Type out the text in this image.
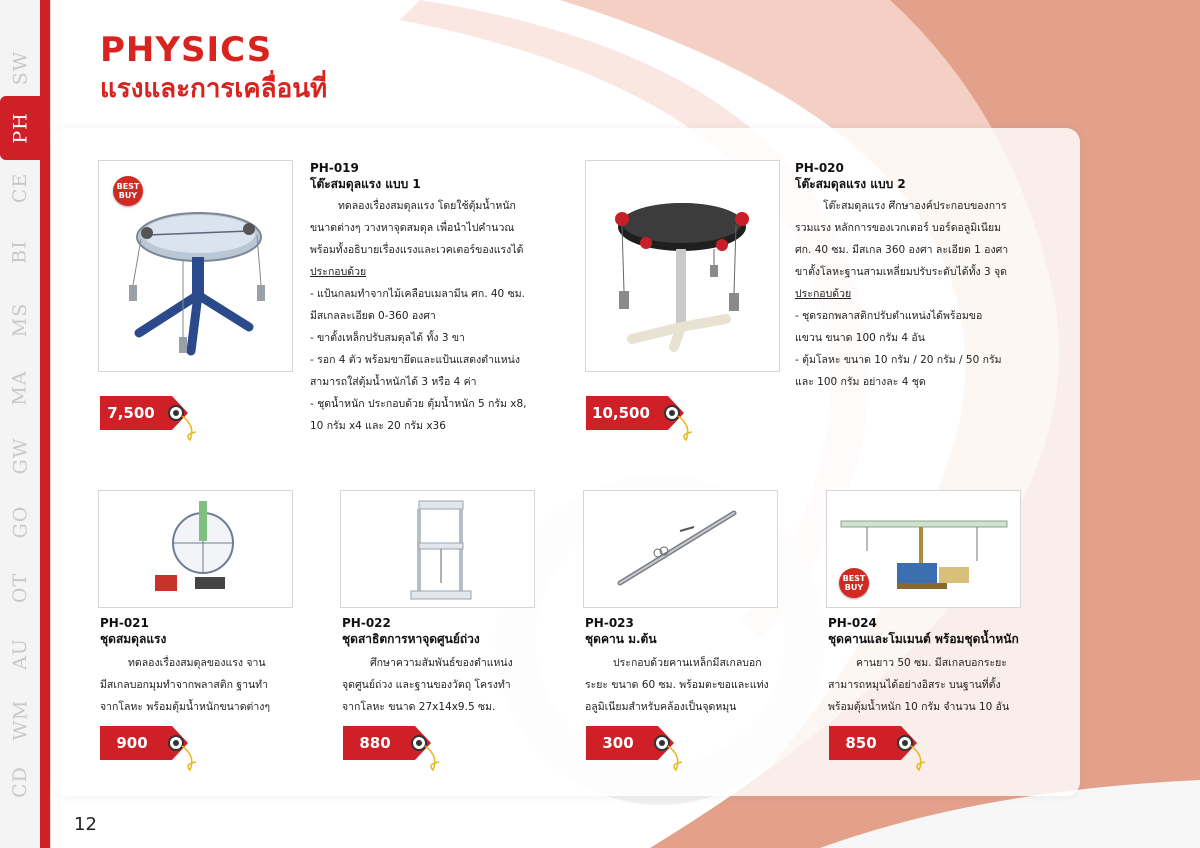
SW
PH
CE
BI
MS
MA
GW
GO
OT
AU
WM
CD
PHYSICS
แรงและการเคลื่อนที่
BEST BUY
PH-019
โต๊ะสมดุลแรง แบบ 1

ทดลองเรื่องสมดุลแรง โดยใช้ตุ้มน้ำหนัก

ขนาดต่างๆ วางหาจุดสมดุล เพื่อนำไปคำนวณ

พร้อมทั้งอธิบายเรื่องแรงและเวคเตอร์ของแรงได้

ประกอบด้วย

- แป้นกลมทำจากไม้เคลือบเมลามีน ศก. 40 ซม.

มีสเกลละเอียด 0-360 องศา

- ขาตั้งเหล็กปรับสมดุลได้ ทั้ง 3 ขา

- รอก 4 ตัว พร้อมขายึดและแป้นแสดงตำแหน่ง

สามารถใส่ตุ้มน้ำหนักได้ 3 หรือ 4 ค่า

- ชุดน้ำหนัก ประกอบด้วย ตุ้มน้ำหนัก 5 กรัม x8,

10 กรัม x4 และ 20 กรัม x36

7,500
PH-020
โต๊ะสมดุลแรง แบบ 2

โต๊ะสมดุลแรง ศึกษาองค์ประกอบของการ

รวมแรง หลักการของเวกเตอร์ บอร์ดอลูมิเนียม

ศก. 40 ซม. มีสเกล 360 องศา ละเอียด 1 องศา

ขาตั้งโลหะฐานสามเหลี่ยมปรับระดับได้ทั้ง 3 จุด

ประกอบด้วย

- ชุดรอกพลาสติกปรับตำแหน่งได้พร้อมขอ

แขวน ขนาด 100 กรัม 4 อัน

- ตุ้มโลหะ ขนาด 10 กรัม / 20 กรัม / 50 กรัม

และ 100 กรัม อย่างละ 4 ชุด

10,500
PH-021
ชุดสมดุลแรง

ทดลองเรื่องสมดุลของแรง จาน

มีสเกลบอกมุมทำจากพลาสติก ฐานทำ

จากโลหะ พร้อมตุ้มน้ำหนักขนาดต่างๆ

900
PH-022
ชุดสาธิตการหาจุดศูนย์ถ่วง

ศึกษาความสัมพันธ์ของตำแหน่ง

จุดศูนย์ถ่วง และฐานของวัตถุ โครงทำ

จากโลหะ ขนาด 27x14x9.5 ซม.

880
PH-023
ชุดคาน ม.ต้น

ประกอบด้วยคานเหล็กมีสเกลบอก

ระยะ ขนาด 60 ซม. พร้อมตะขอและแท่ง

อลูมิเนียมสำหรับคล้องเป็นจุดหมุน

300
BEST BUY
PH-024
ชุดคานและโมเมนต์ พร้อมชุดน้ำหนัก

คานยาว 50 ซม. มีสเกลบอกระยะ

สามารถหมุนได้อย่างอิสระ บนฐานที่ตั้ง

พร้อมตุ้มน้ำหนัก 10 กรัม จำนวน 10 อัน

850
12
